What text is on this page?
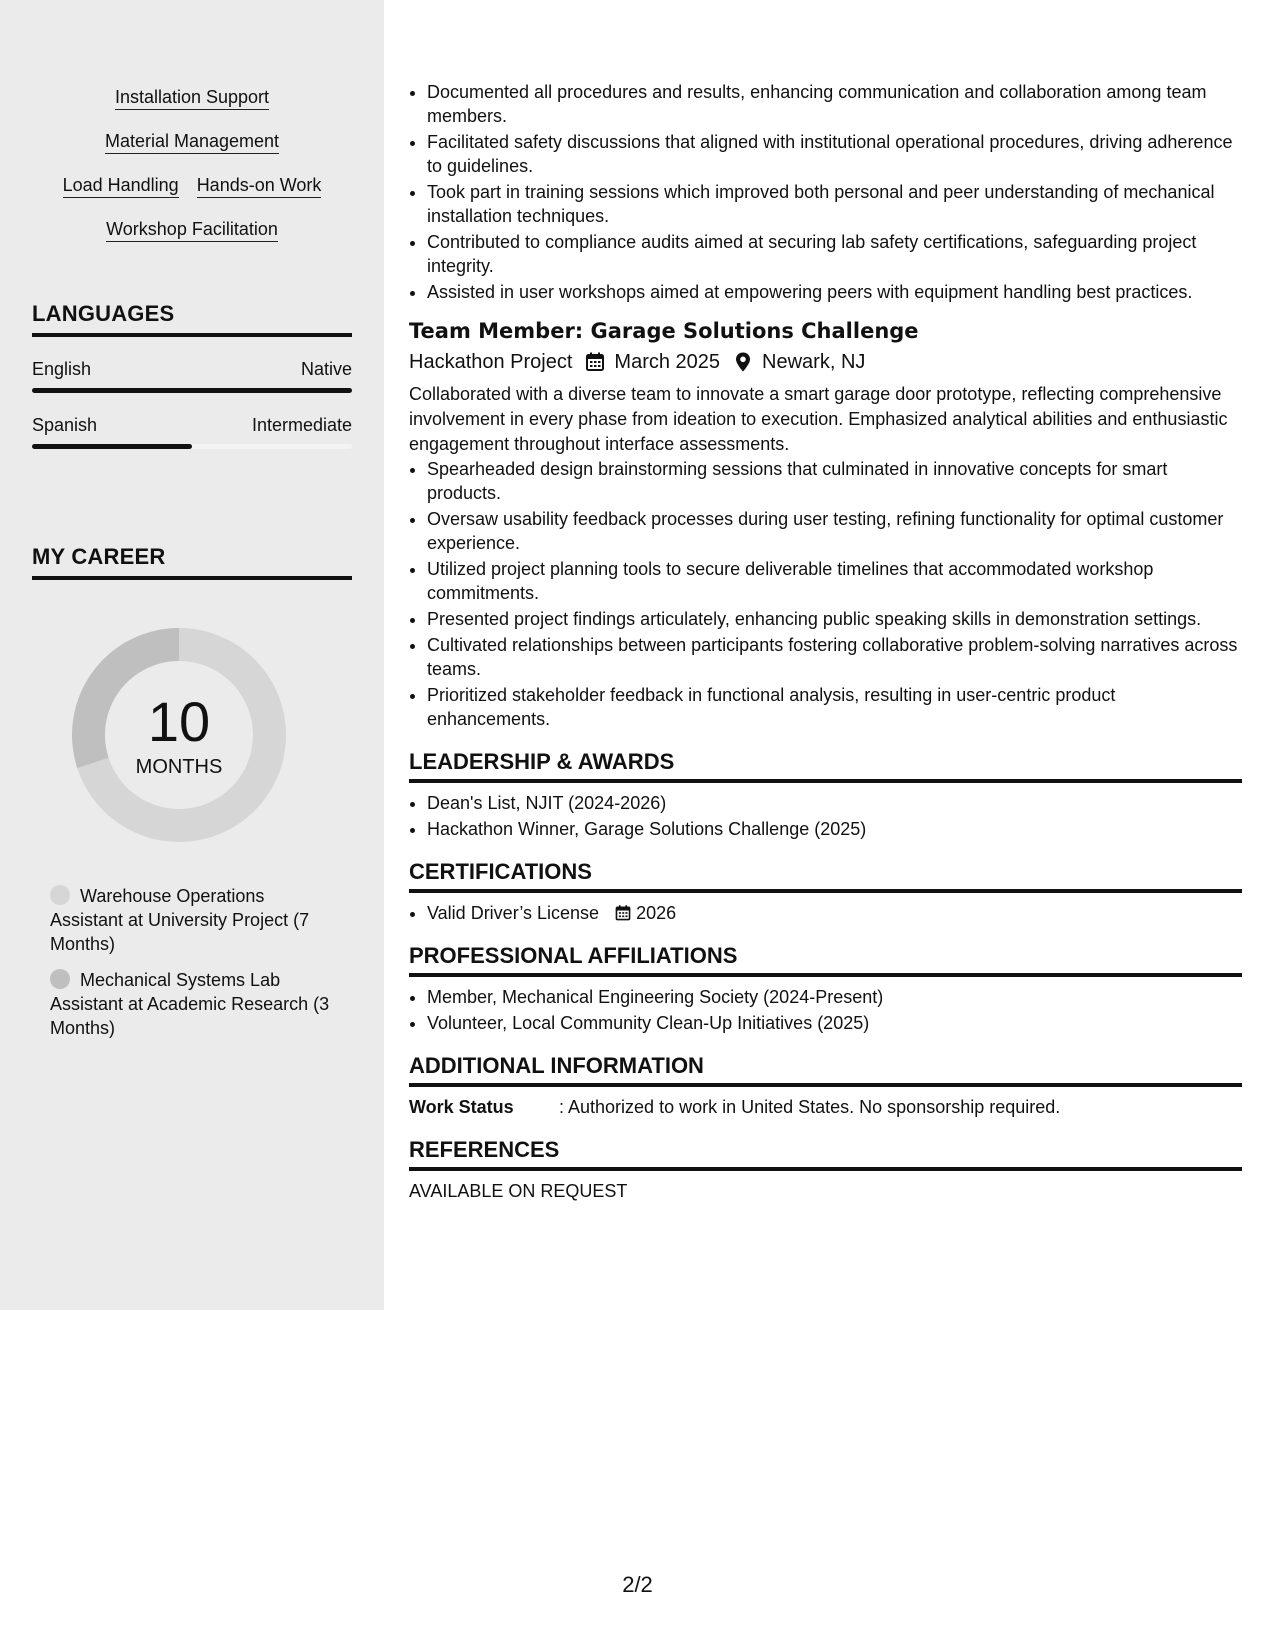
Installation Support
Material Management
Load Handling Hands-on Work
Workshop Facilitation
LANGUAGES
English	Native
Spanish	Intermediate
MY CAREER
10
MONTHS
Warehouse Operations Assistant at University Project (7 Months)
Mechanical Systems Lab Assistant at Academic Research (3 Months)
• Documented all procedures and results, enhancing communication and collaboration among team members.
• Facilitated safety discussions that aligned with institutional operational procedures, driving adherence to guidelines.
• Took part in training sessions which improved both personal and peer understanding of mechanical installation techniques.
• Contributed to compliance audits aimed at securing lab safety certifications, safeguarding project integrity.
• Assisted in user workshops aimed at empowering peers with equipment handling best practices.
Team Member: Garage Solutions Challenge
Hackathon Project March 2025 Newark, NJ
Collaborated with a diverse team to innovate a smart garage door prototype, reflecting comprehensive involvement in every phase from ideation to execution. Emphasized analytical abilities and enthusiastic engagement throughout interface assessments.
• Spearheaded design brainstorming sessions that culminated in innovative concepts for smart products.
• Oversaw usability feedback processes during user testing, refining functionality for optimal customer experience.
• Utilized project planning tools to secure deliverable timelines that accommodated workshop commitments.
• Presented project findings articulately, enhancing public speaking skills in demonstration settings.
• Cultivated relationships between participants fostering collaborative problem-solving narratives across teams.
• Prioritized stakeholder feedback in functional analysis, resulting in user-centric product enhancements.
LEADERSHIP & AWARDS
• Dean's List, NJIT (2024-2026)
• Hackathon Winner, Garage Solutions Challenge (2025)
CERTIFICATIONS
• Valid Driver’s License 2026
PROFESSIONAL AFFILIATIONS
• Member, Mechanical Engineering Society (2024-Present)
• Volunteer, Local Community Clean-Up Initiatives (2025)
ADDITIONAL INFORMATION
Work Status	: Authorized to work in United States. No sponsorship required.
REFERENCES
AVAILABLE ON REQUEST
2/2
